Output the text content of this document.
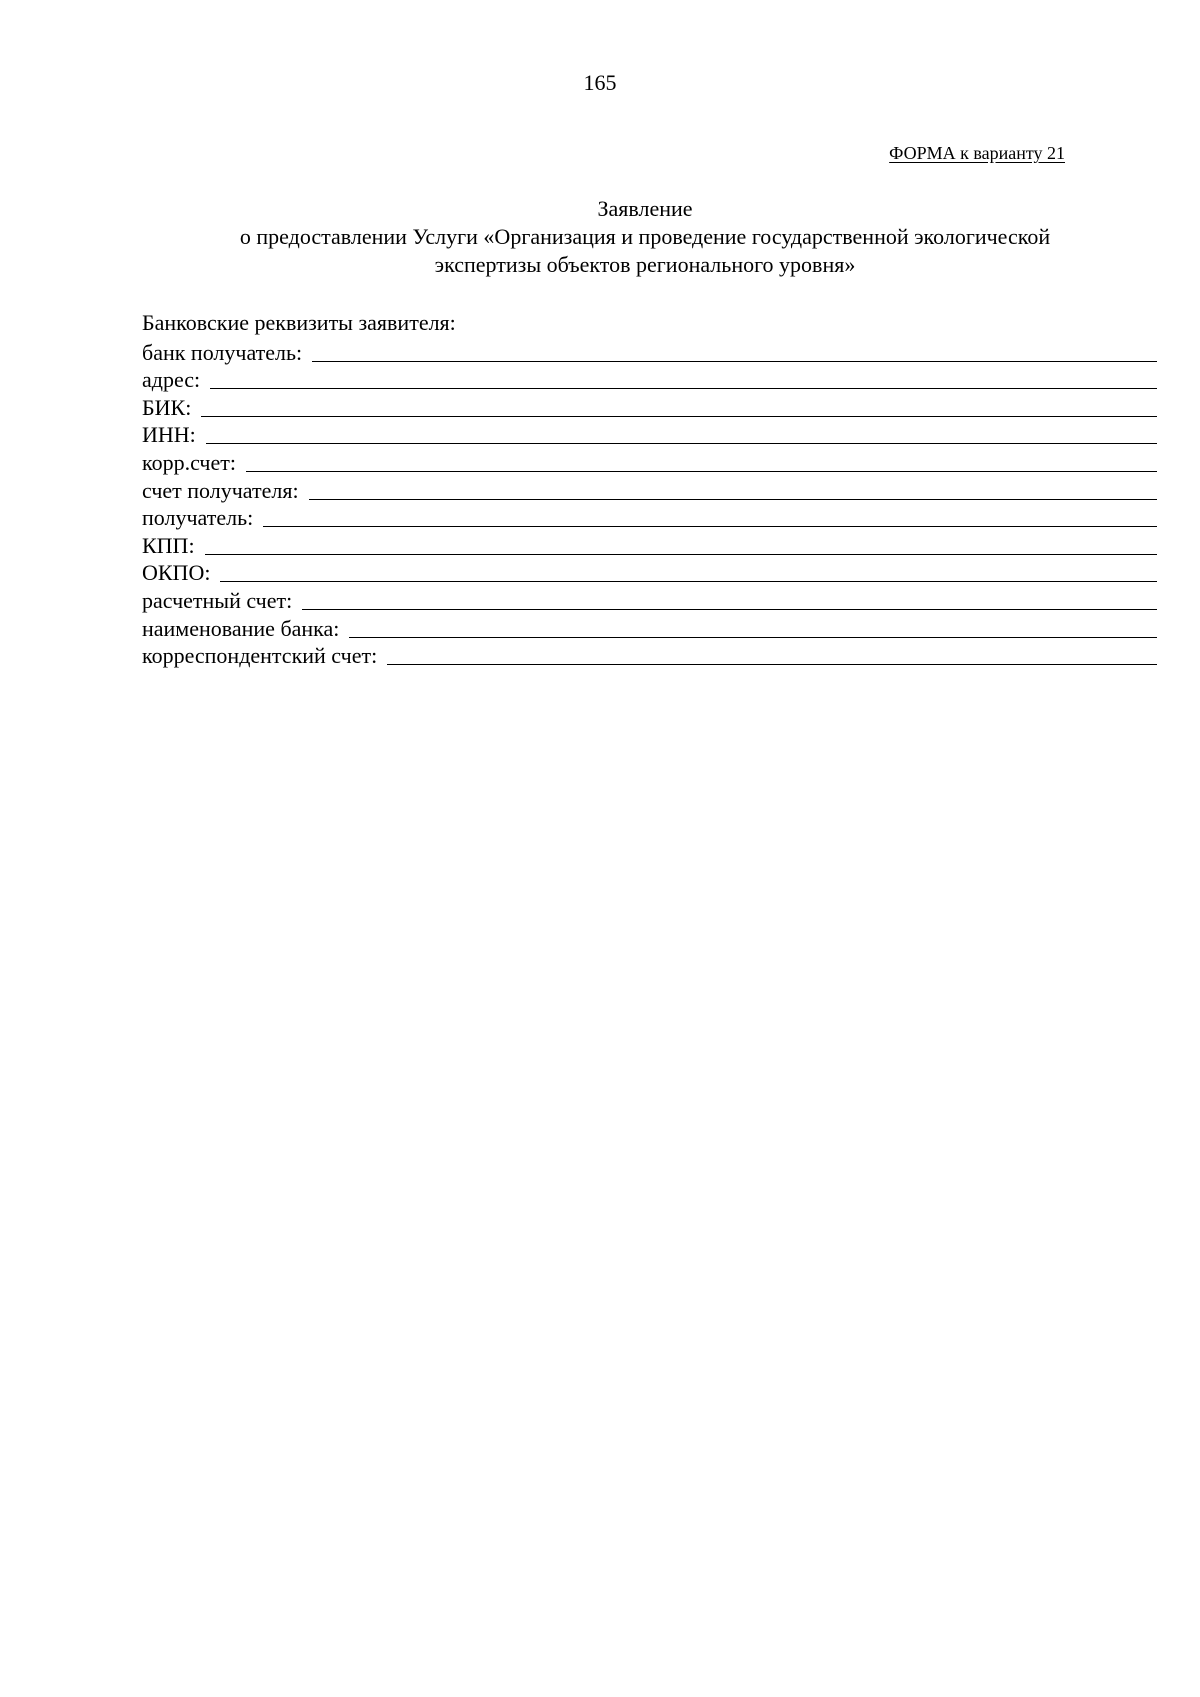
165
ФОРМА к варианту 21
Заявление
о предоставлении Услуги «Организация и проведение государственной экологической
экспертизы объектов регионального уровня»
Банковские реквизиты заявителя:
банк получатель:
адрес:
БИК:
ИНН:
корр.счет:
счет получателя:
получатель:
КПП:
ОКПО:
расчетный счет:
наименование банка:
корреспондентский счет:
